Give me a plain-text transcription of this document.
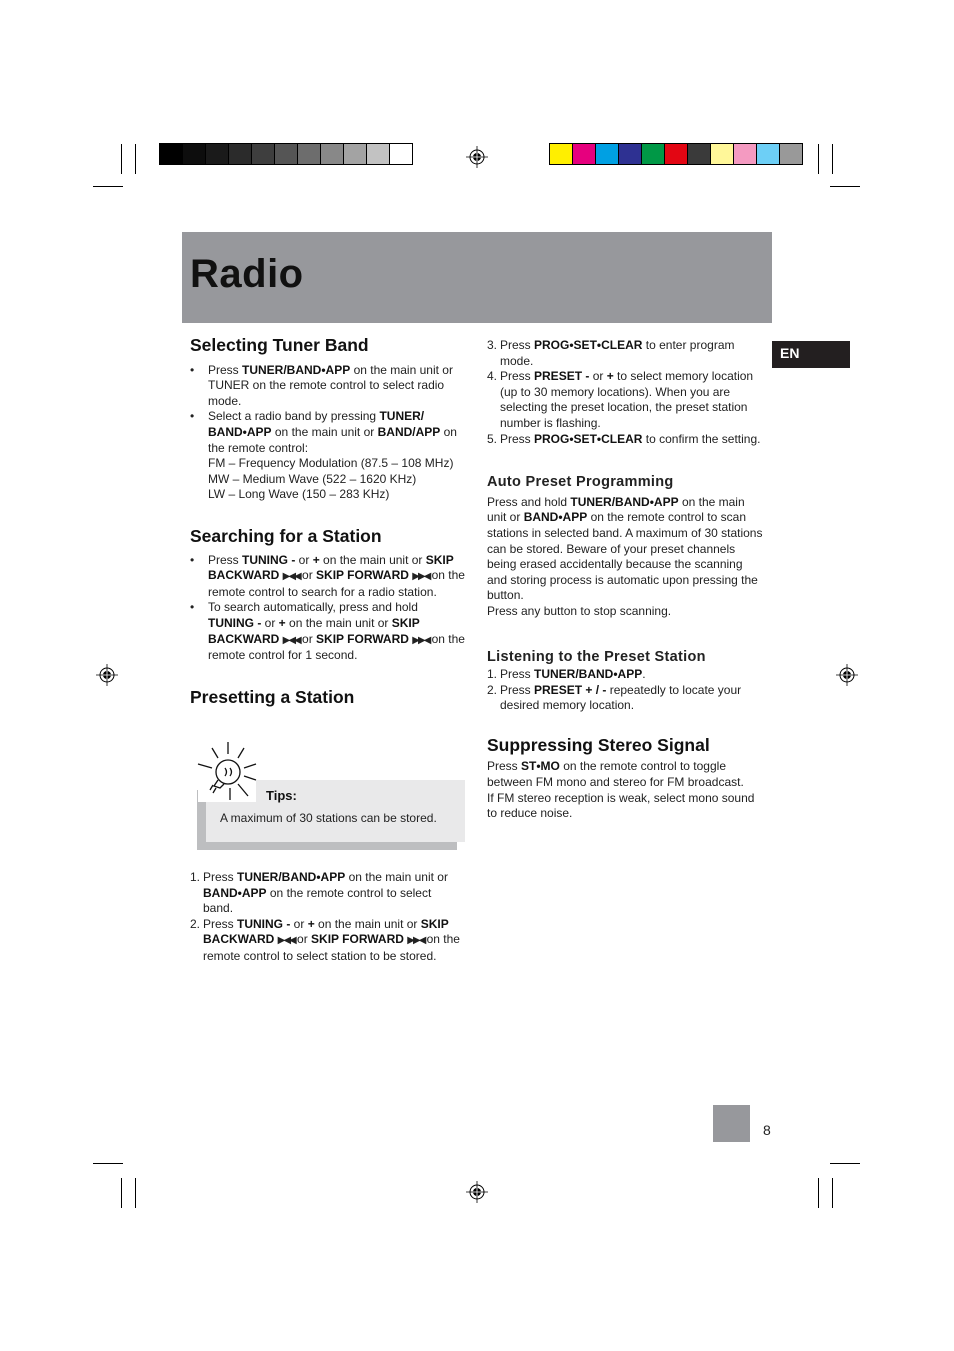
Radio
EN
Selecting Tuner Band
• Press TUNER/BAND•APP on the main unit or TUNER on the remote control to select radio mode.
• Select a radio band by pressing TUNER/ BAND•APP on the main unit or BAND/APP on the remote control:
FM – Frequency Modulation (87.5 – 108 MHz)
MW – Medium Wave (522 – 1620 KHz)
LW – Long Wave (150 – 283 KHz)
Searching for a Station
• Press TUNING - or + on the main unit or SKIP BACKWARD ▶◀◀ or SKIP FORWARD ▶▶◀ on the remote control to search for a radio station.
• To search automatically, press and hold TUNING - or + on the main unit or SKIP BACKWARD ▶◀◀ or SKIP FORWARD ▶▶◀ on the remote control for 1 second.
Presetting a Station
Tips:
A maximum of 30 stations can be stored.
1. Press TUNER/BAND•APP on the main unit or BAND•APP on the remote control to select band.
2. Press TUNING - or + on the main unit or SKIP BACKWARD ▶◀◀ or SKIP FORWARD ▶▶◀ on the remote control to select station to be stored.
3. Press PROG•SET•CLEAR to enter program mode.
4. Press PRESET - or + to select memory location (up to 30 memory locations). When you are selecting the preset location, the preset station number is flashing.
5. Press PROG•SET•CLEAR to confirm the setting.
Auto Preset Programming
Press and hold TUNER/BAND•APP on the main unit or BAND•APP on the remote control to scan stations in selected band. A maximum of 30 stations can be stored. Beware of your preset channels being erased accidentally because the scanning and storing process is automatic upon pressing the button.
Press any button to stop scanning.
Listening to the Preset Station
1. Press TUNER/BAND•APP.
2. Press PRESET + / - repeatedly to locate your desired memory location.
Suppressing Stereo Signal
Press ST•MO on the remote control to toggle between FM mono and stereo for FM broadcast.
If FM stereo reception is weak, select mono sound to reduce noise.
8
